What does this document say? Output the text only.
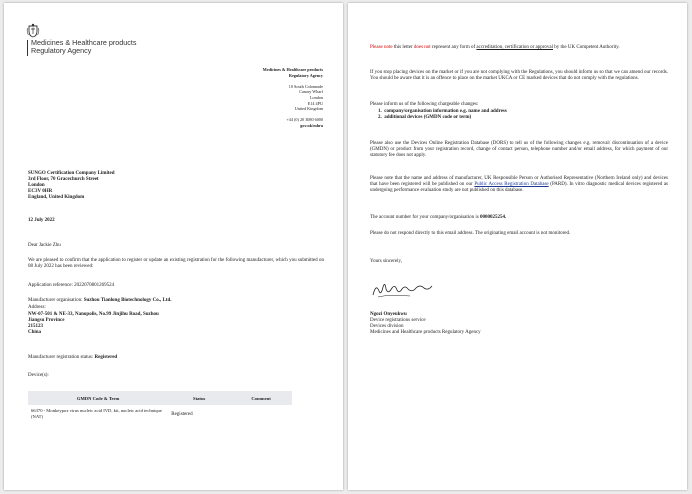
Medicines & Healthcare products
Regulatory Agency
Medicines & Healthcare products
Regulatory Agency

10 South Colonnade
Canary Wharf
London
E14 4PU
United Kingdom

+44 (0) 20 3080 6000
gov.uk/mhra
SUNGO Certification Company Limited
3rd Floor, 70 Gracechurch Street
London
EC3V 0HR
England, United Kingdom
12 July 2022
Dear Jackie Zhu
We are pleased to confirm that the application to register or update an existing registration for the following manufacturer, which you submitted on 08 July 2022 has been reviewed:
Application reference: 2022070801269524
Manufacturer organisation: Suzhou Tianlong Biotechnology Co., Ltd.
Address:
NW-07-501 & NE-33, Nanopolis, No.99 Jinjihu Road, Suzhou
Jiangsu Province
215123
China
Manufacturer registration status: Registered
Device(s):
GMDN Code & Term	Status	Comment
66370 - Monkeypox virus nucleic acid IVD, kit, nucleic acid technique (NAT)	Registered	
Please note this letter does not represent any form of accreditation, certification or approval by the UK Competent Authority.
If you stop placing devices on the market or if you are not complying with the Regulations, you should inform us so that we can amend our records. You should be aware that it is an offence to place on the market UKCA or CE marked devices that do not comply with the regulations.
Please inform us of the following chargeable changes:
1.  company/organisation information e.g. name and address
2.  additional devices (GMDN code or term)
Please also use the Devices Online Registration Database (DORS) to tell us of the following changes e.g. removal/ discontinuation of a device (GMDN) or product from your registration record, change of contact person, telephone number and/or email address, for which payment of our statutory fee does not apply.
Please note that the name and address of manufacturer, UK Responsible Person or Authorised Representative (Northern Ireland only) and devices that have been registered will be published on our Public Access Registration Database (PARD). In vitro diagnostic medical devices registered as undergoing performance evaluation study are not published on this database.
The account number for your company/organisation is 0000025254.
Please do not respond directly to this email address. The originating email account is not monitored.
Yours sincerely,
Ngozi Onyeukwu
Device registrations service
Devices division
Medicines and Healthcare products Regulatory Agency
